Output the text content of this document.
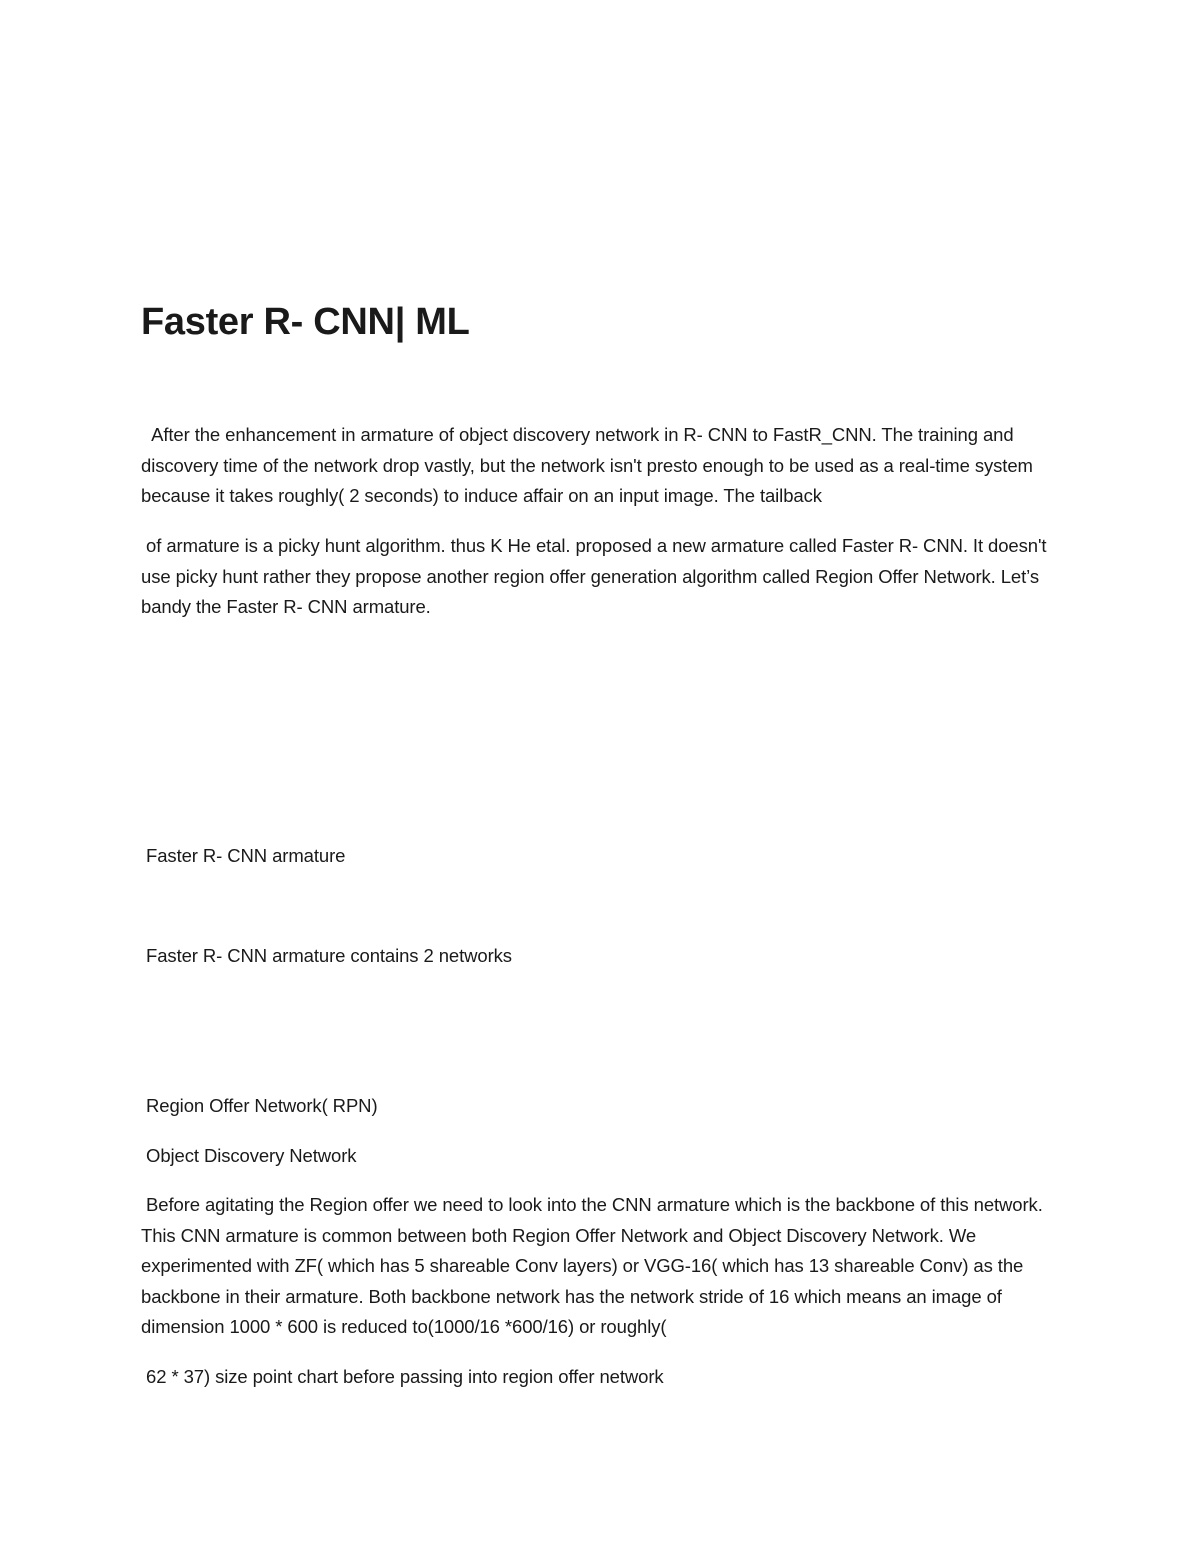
Faster R- CNN| ML

After the enhancement in armature of object discovery network in R- CNN to FastR_CNN. The training and discovery time of the network drop vastly, but the network isn't presto enough to be used as a real-time system because it takes roughly( 2 seconds) to induce affair on an input image. The tailback

of armature is a picky hunt algorithm. thus K He etal. proposed a new armature called Faster R- CNN. It doesn't use picky hunt rather they propose another region offer generation algorithm called Region Offer Network. Let’s bandy the Faster R- CNN armature.

Faster R- CNN armature

Faster R- CNN armature contains 2 networks

Region Offer Network( RPN)

Object Discovery Network

Before agitating the Region offer we need to look into the CNN armature which is the backbone of this network. This CNN armature is common between both Region Offer Network and Object Discovery Network. We experimented with ZF( which has 5 shareable Conv layers) or VGG-16( which has 13 shareable Conv) as the backbone in their armature. Both backbone network has the network stride of 16 which means an image of dimension 1000 * 600 is reduced to(1000/16 *600/16) or roughly(

62 * 37) size point chart before passing into region offer network
